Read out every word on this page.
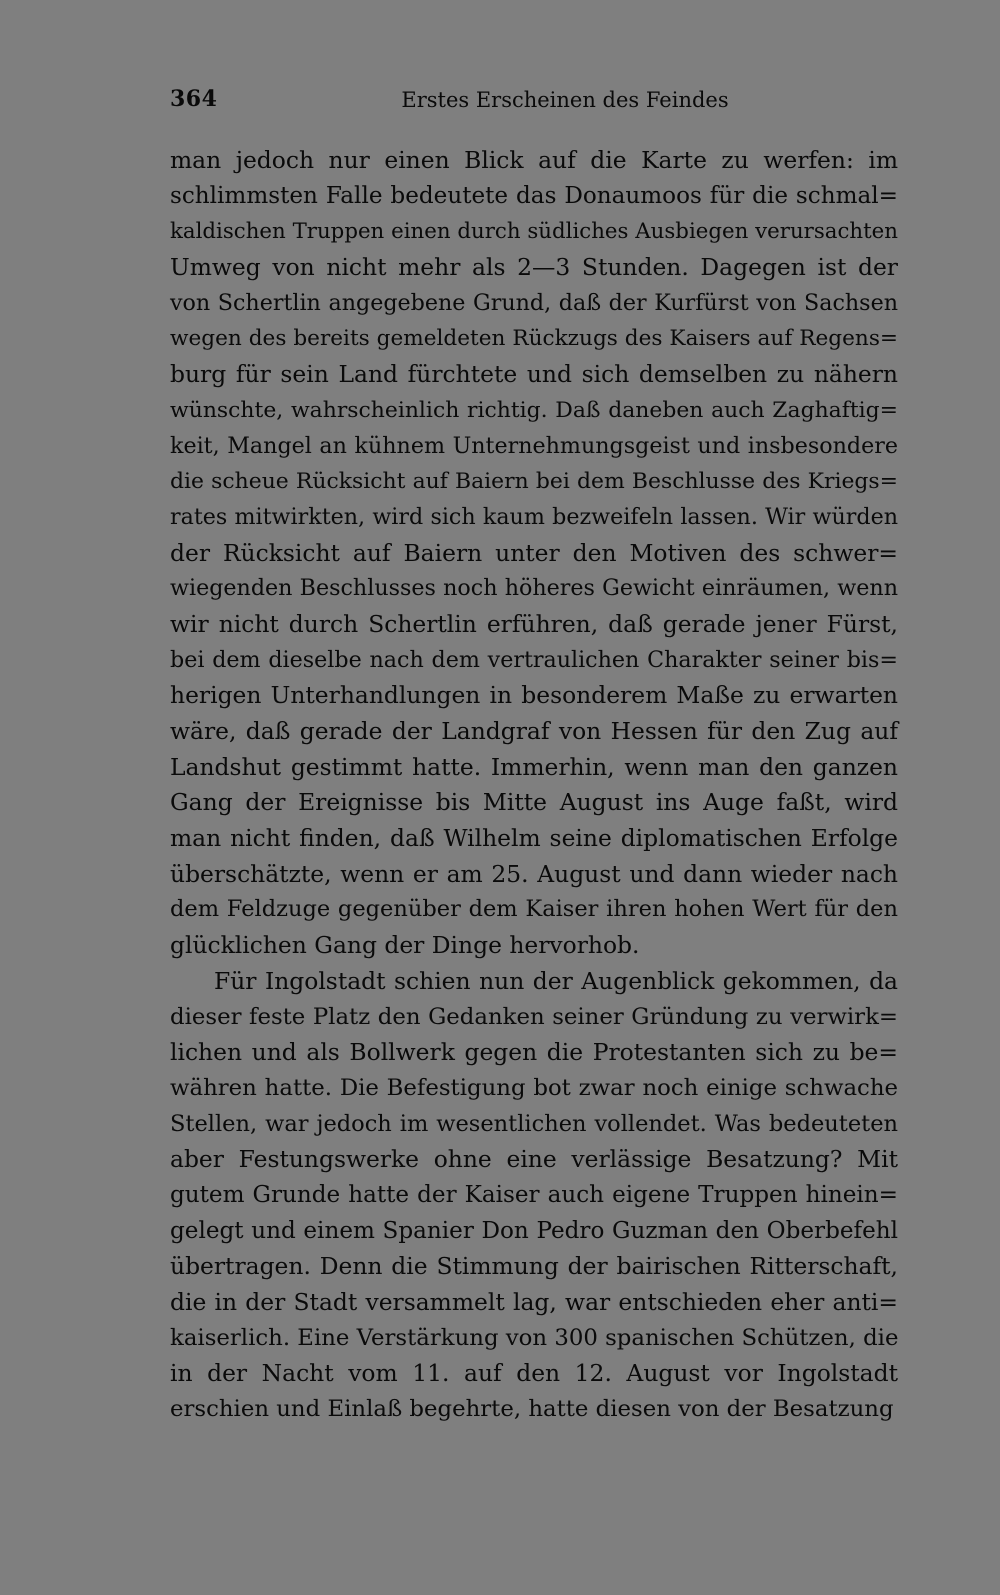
364	Erstes Erscheinen des Feindes
man jedoch nur einen Blick auf die Karte zu werfen: im
schlimmsten Falle bedeutete das Donaumoos für die schmal=
kaldischen Truppen einen durch südliches Ausbiegen verursachten
Umweg von nicht mehr als 2—3 Stunden. Dagegen ist der
von Schertlin angegebene Grund, daß der Kurfürst von Sachsen
wegen des bereits gemeldeten Rückzugs des Kaisers auf Regens=
burg für sein Land fürchtete und sich demselben zu nähern
wünschte, wahrscheinlich richtig. Daß daneben auch Zaghaftig=
keit, Mangel an kühnem Unternehmungsgeist und insbesondere
die scheue Rücksicht auf Baiern bei dem Beschlusse des Kriegs=
rates mitwirkten, wird sich kaum bezweifeln lassen. Wir würden
der Rücksicht auf Baiern unter den Motiven des schwer=
wiegenden Beschlusses noch höheres Gewicht einräumen, wenn
wir nicht durch Schertlin erführen, daß gerade jener Fürst,
bei dem dieselbe nach dem vertraulichen Charakter seiner bis=
herigen Unterhandlungen in besonderem Maße zu erwarten
wäre, daß gerade der Landgraf von Hessen für den Zug auf
Landshut gestimmt hatte. Immerhin, wenn man den ganzen
Gang der Ereignisse bis Mitte August ins Auge faßt, wird
man nicht finden, daß Wilhelm seine diplomatischen Erfolge
überschätzte, wenn er am 25. August und dann wieder nach
dem Feldzuge gegenüber dem Kaiser ihren hohen Wert für den
glücklichen Gang der Dinge hervorhob.
Für Ingolstadt schien nun der Augenblick gekommen, da
dieser feste Platz den Gedanken seiner Gründung zu verwirk=
lichen und als Bollwerk gegen die Protestanten sich zu be=
währen hatte. Die Befestigung bot zwar noch einige schwache
Stellen, war jedoch im wesentlichen vollendet. Was bedeuteten
aber Festungswerke ohne eine verlässige Besatzung? Mit
gutem Grunde hatte der Kaiser auch eigene Truppen hinein=
gelegt und einem Spanier Don Pedro Guzman den Oberbefehl
übertragen. Denn die Stimmung der bairischen Ritterschaft,
die in der Stadt versammelt lag, war entschieden eher anti=
kaiserlich. Eine Verstärkung von 300 spanischen Schützen, die
in der Nacht vom 11. auf den 12. August vor Ingolstadt
erschien und Einlaß begehrte, hatte diesen von der Besatzung
